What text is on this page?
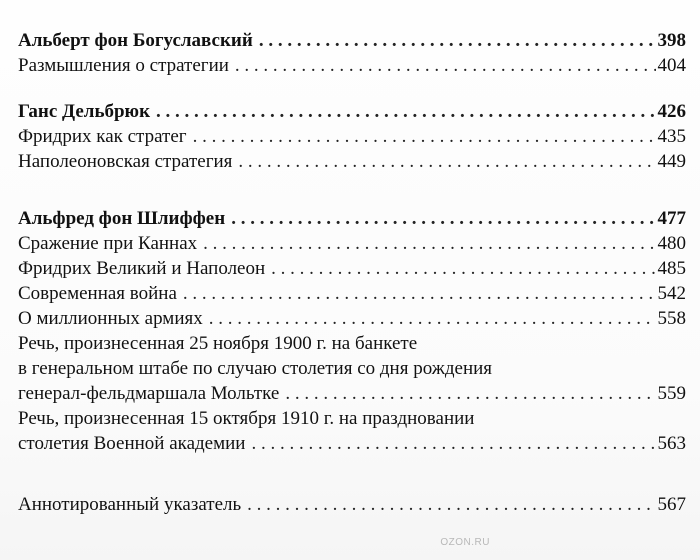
Альберт фон Богуславский . . .	398
Размышления о стратегии . . .	404
Ганс Дельбрюк . . .	426
Фридрих как стратег . . .	435
Наполеоновская стратегия . . .	449
Альфред фон Шлиффен . . .	477
Сражение при Каннах . . .	480
Фридрих Великий и Наполеон . . .	485
Современная война . . .	542
О миллионных армиях . . .	558
Речь, произнесенная 25 ноября 1900 г. на банкете
в генеральном штабе по случаю столетия со дня рождения
генерал-фельдмаршала Мольтке . . .	559
Речь, произнесенная 15 октября 1910 г. на праздновании
столетия Военной академии . . .	563
Аннотированный указатель . . .	567
OZON.RU
